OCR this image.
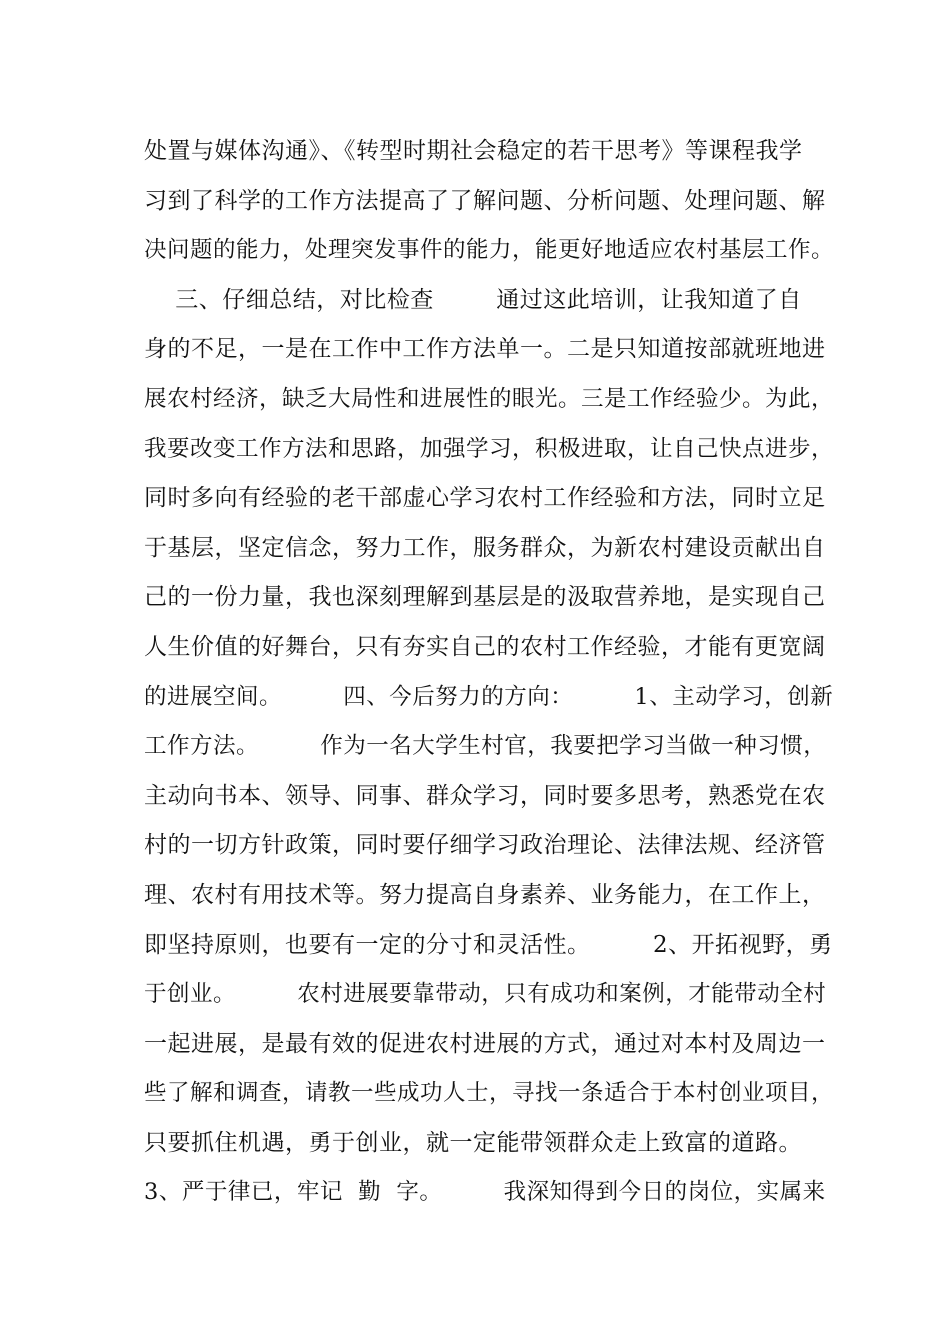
处置与媒体沟通》、《转型时期社会稳定的若干思考》等课程我学
习到了科学的工作方法提高了了解问题、分析问题、处理问题、解
决问题的能力，处理突发事件的能力，能更好地适应农村基层工作。
三、仔细总结，对比检查        通过这此培训，让我知道了自
身的不足，一是在工作中工作方法单一。二是只知道按部就班地进
展农村经济，缺乏大局性和进展性的眼光。三是工作经验少。为此，
我要改变工作方法和思路，加强学习，积极进取，让自己快点进步，
同时多向有经验的老干部虚心学习农村工作经验和方法，同时立足
于基层，坚定信念，努力工作，服务群众，为新农村建设贡献出自
己的一份力量，我也深刻理解到基层是的汲取营养地，是实现自己
人生价值的好舞台，只有夯实自己的农村工作经验，才能有更宽阔
的进展空间。        四、今后努力的方向：        1、主动学习，创新
工作方法。        作为一名大学生村官，我要把学习当做一种习惯，
主动向书本、领导、同事、群众学习，同时要多思考，熟悉党在农
村的一切方针政策，同时要仔细学习政治理论、法律法规、经济管
理、农村有用技术等。努力提高自身素养、业务能力，在工作上，
即坚持原则，也要有一定的分寸和灵活性。        2、开拓视野，勇
于创业。        农村进展要靠带动，只有成功和案例，才能带动全村
一起进展，是最有效的促进农村进展的方式，通过对本村及周边一
些了解和调查，请教一些成功人士，寻找一条适合于本村创业项目，
只要抓住机遇，勇于创业，就一定能带领群众走上致富的道路。
3、严于律已，牢记  勤  字。        我深知得到今日的岗位，实属来
